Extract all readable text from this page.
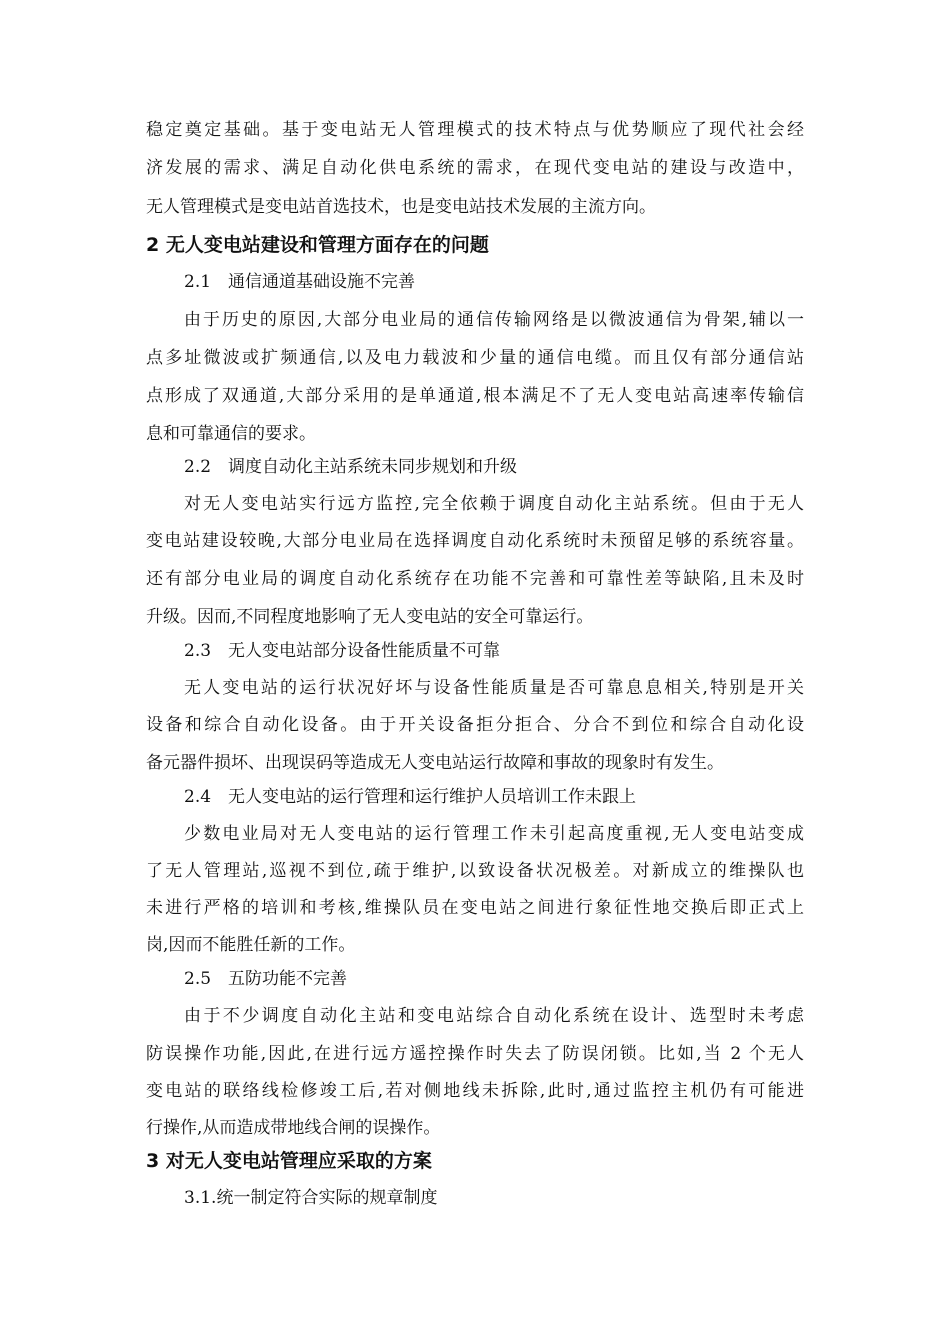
稳定奠定基础。基于变电站无人管理模式的技术特点与优势顺应了现代社会经
济发展的需求、满足自动化供电系统的需求，在现代变电站的建设与改造中，
无人管理模式是变电站首选技术，也是变电站技术发展的主流方向。
2 无人变电站建设和管理方面存在的问题
2.1 通信通道基础设施不完善
由于历史的原因,大部分电业局的通信传输网络是以微波通信为骨架,辅以一
点多址微波或扩频通信,以及电力载波和少量的通信电缆。而且仅有部分通信站
点形成了双通道,大部分采用的是单通道,根本满足不了无人变电站高速率传输信
息和可靠通信的要求。
2.2 调度自动化主站系统未同步规划和升级
对无人变电站实行远方监控,完全依赖于调度自动化主站系统。但由于无人
变电站建设较晚,大部分电业局在选择调度自动化系统时未预留足够的系统容量。
还有部分电业局的调度自动化系统存在功能不完善和可靠性差等缺陷,且未及时
升级。因而,不同程度地影响了无人变电站的安全可靠运行。
2.3 无人变电站部分设备性能质量不可靠
无人变电站的运行状况好坏与设备性能质量是否可靠息息相关,特别是开关
设备和综合自动化设备。由于开关设备拒分拒合、分合不到位和综合自动化设
备元器件损坏、出现误码等造成无人变电站运行故障和事故的现象时有发生。
2.4 无人变电站的运行管理和运行维护人员培训工作未跟上
少数电业局对无人变电站的运行管理工作未引起高度重视,无人变电站变成
了无人管理站,巡视不到位,疏于维护,以致设备状况极差。对新成立的维操队也
未进行严格的培训和考核,维操队员在变电站之间进行象征性地交换后即正式上
岗,因而不能胜任新的工作。
2.5 五防功能不完善
由于不少调度自动化主站和变电站综合自动化系统在设计、选型时未考虑
防误操作功能,因此,在进行远方遥控操作时失去了防误闭锁。比如,当 2 个无人
变电站的联络线检修竣工后,若对侧地线未拆除,此时,通过监控主机仍有可能进
行操作,从而造成带地线合闸的误操作。
3 对无人变电站管理应采取的方案
3.1.统一制定符合实际的规章制度
